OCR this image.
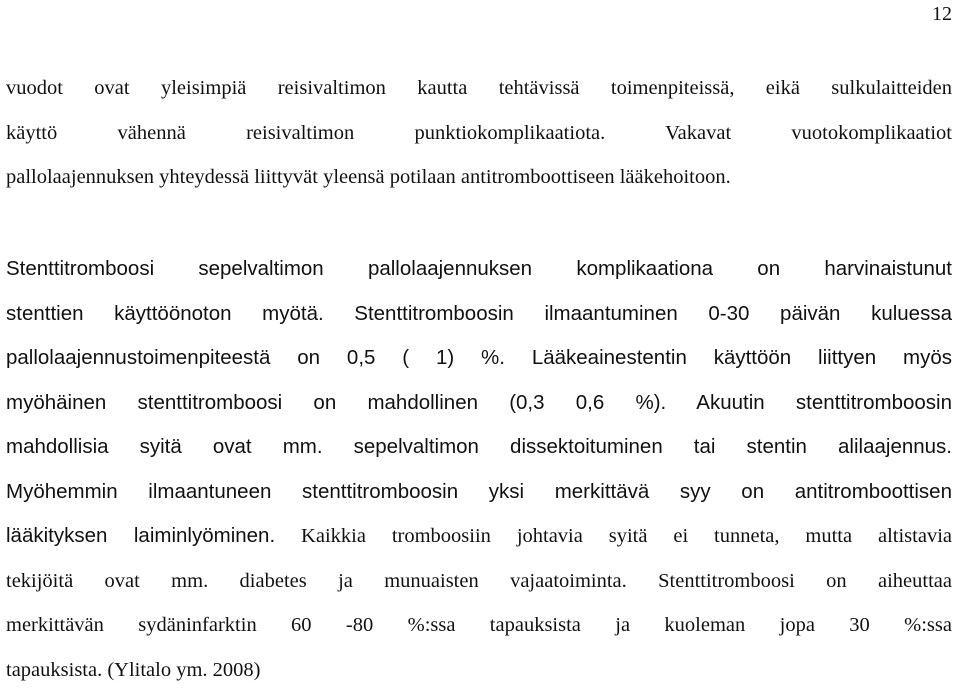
12
vuodot ovat yleisimpiä reisivaltimon kautta tehtävissä toimenpiteissä, eikä sulkulaitteiden
käyttö vähennä reisivaltimon punktiokomplikaatiota. Vakavat vuotokomplikaatiot
pallolaajennuksen yhteydessä liittyvät yleensä potilaan antitromboottiseen lääkehoitoon.
Stenttitromboosi sepelvaltimon pallolaajennuksen komplikaationa on harvinaistunut
stenttien käyttöönoton myötä. Stenttitromboosin ilmaantuminen 0-30 päivän kuluessa
pallolaajennustoimenpiteestä on 0,5 ( 1) %. Lääkeainestentin käyttöön liittyen myös
myöhäinen stenttitromboosi on mahdollinen (0,3 0,6 %). Akuutin stenttitromboosin
mahdollisia syitä ovat mm. sepelvaltimon dissektoituminen tai stentin alilaajennus.
Myöhemmin ilmaantuneen stenttitromboosin yksi merkittävä syy on antitromboottisen
lääkityksen laiminlyöminen. Kaikkia tromboosiin johtavia syitä ei tunneta, mutta altistavia
tekijöitä ovat mm. diabetes ja munuaisten vajaatoiminta. Stenttitromboosi on aiheuttaa
merkittävän sydäninfarktin 60 -80 %:ssa tapauksista ja kuoleman jopa 30 %:ssa
tapauksista. (Ylitalo ym. 2008)
